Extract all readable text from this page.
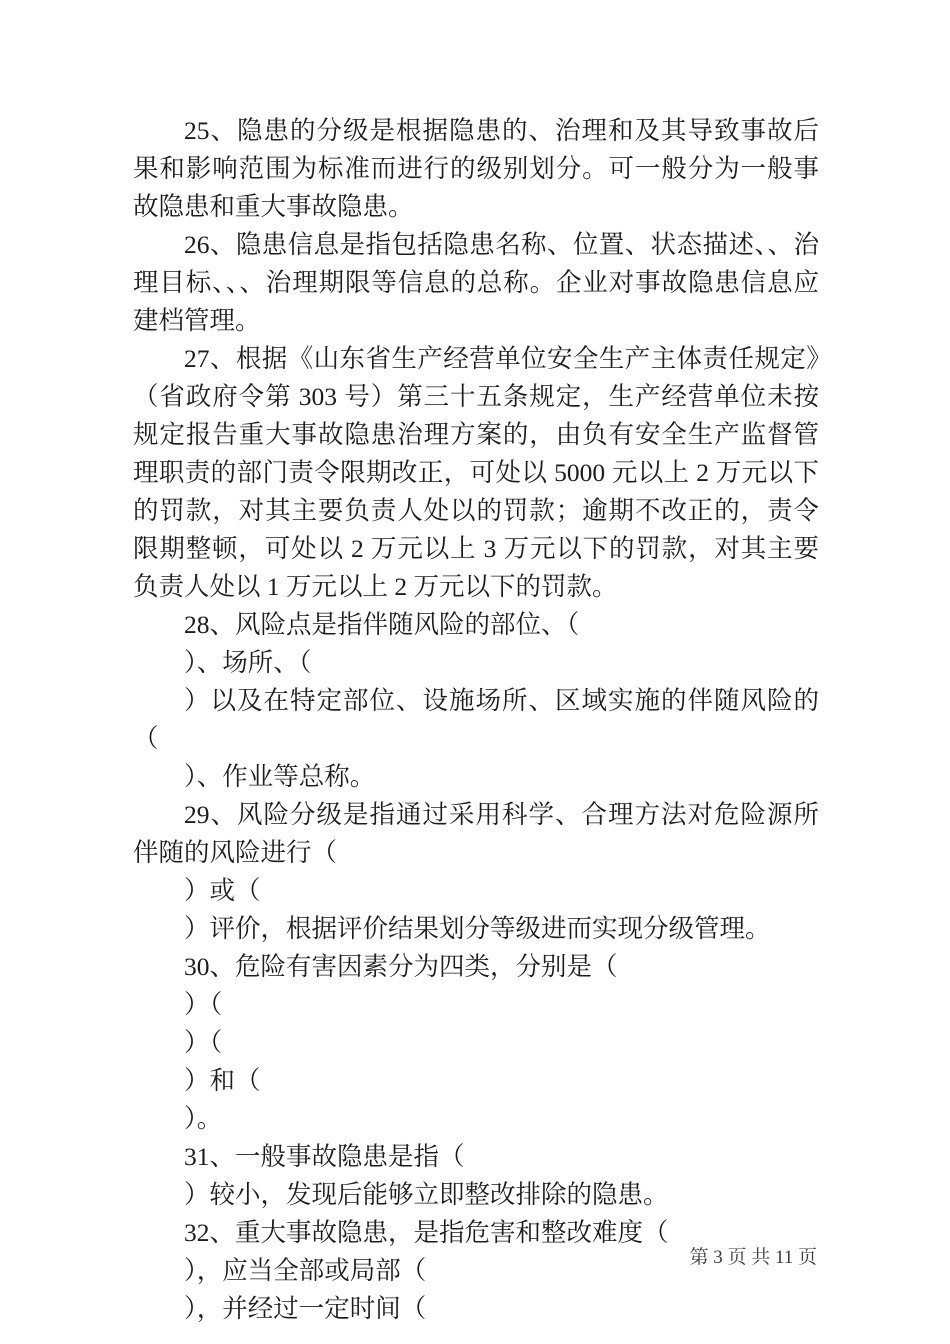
25、隐患的分级是根据隐患的、治理和及其导致事故后果和影响范围为标准而进行的级别划分。可一般分为一般事故隐患和重大事故隐患。

26、隐患信息是指包括隐患名称、位置、状态描述、、治理目标、、、治理期限等信息的总称。企业对事故隐患信息应建档管理。

27、根据《山东省生产经营单位安全生产主体责任规定》（省政府令第 303 号）第三十五条规定，生产经营单位未按规定报告重大事故隐患治理方案的，由负有安全生产监督管理职责的部门责令限期改正，可处以 5000 元以上 2 万元以下的罚款，对其主要负责人处以的罚款；逾期不改正的，责令限期整顿，可处以 2 万元以上 3 万元以下的罚款，对其主要负责人处以 1 万元以上 2 万元以下的罚款。

28、风险点是指伴随风险的部位、（

）、场所、（

）以及在特定部位、设施场所、区域实施的伴随风险的（

）、作业等总称。

29、风险分级是指通过采用科学、合理方法对危险源所伴随的风险进行（

）或（

）评价，根据评价结果划分等级进而实现分级管理。

30、危险有害因素分为四类，分别是（

）（

）（

）和（

）。

31、一般事故隐患是指（

）较小，发现后能够立即整改排除的隐患。

32、重大事故隐患，是指危害和整改难度（

），应当全部或局部（

），并经过一定时间（

第 3 页 共 11 页
